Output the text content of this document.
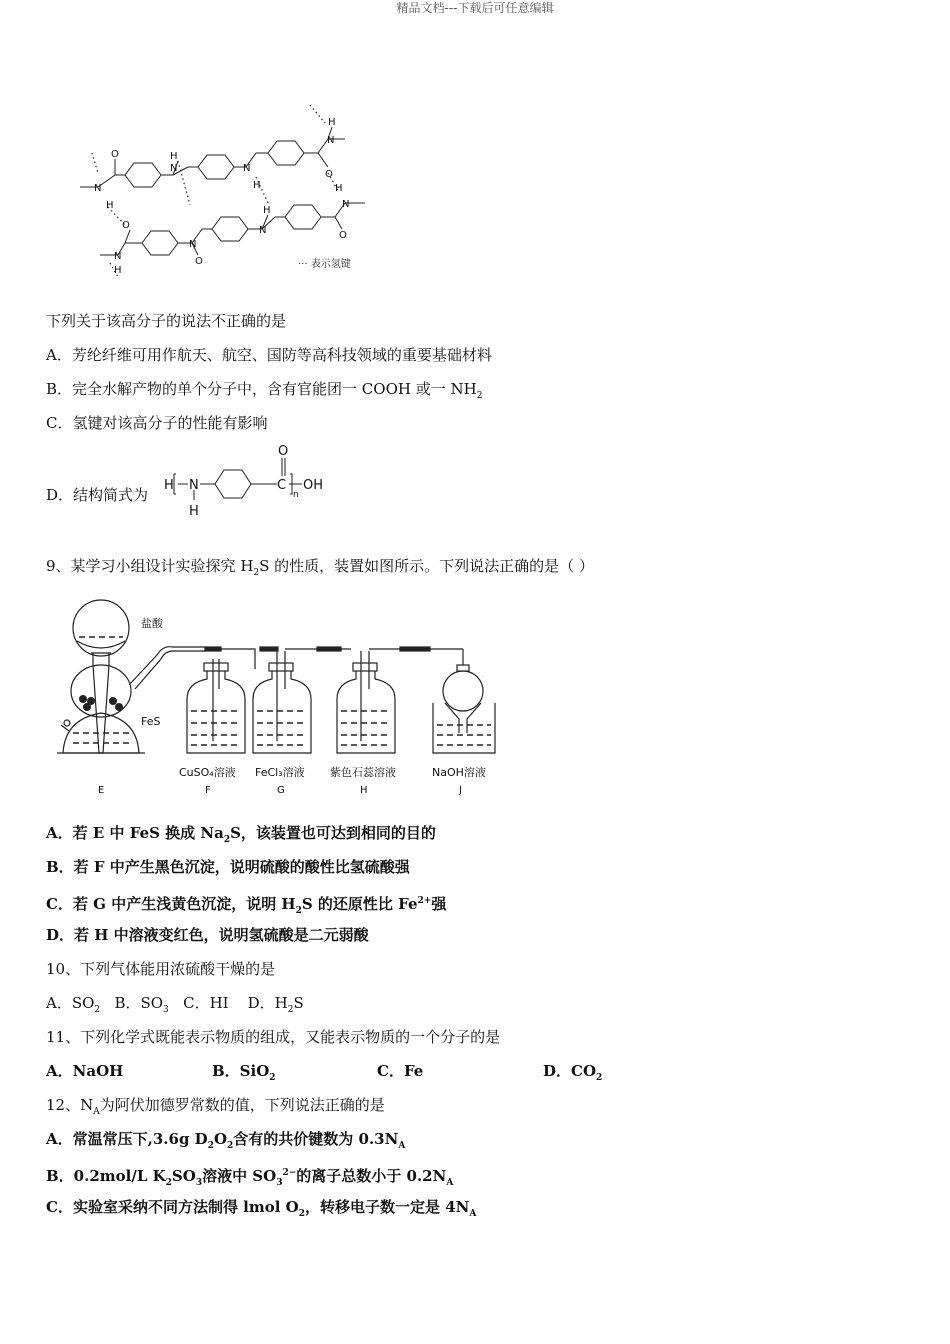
精品文档---下载后可任意编辑
N
H
O	H
N	N
H
O
H
N
H
N
O
H
N
N
O
O
N
H
··· 表示氢键
下列关于该高分子的说法不正确的是
A．芳纶纤维可用作航天、航空、国防等高科技领域的重要基础材料
B．完全水解产物的单个分子中，含有官能团一 COOH 或一 $NH_2$
C．氢键对该高分子的性能有影响
D．结构简式为
H N
H
O
C
n
OH
9、某学习小组设计实验探究 $H_2S$ 的性质，装置如图所示。下列说法正确的是（ ）
盐酸
FeS
CuSO₄溶液 FeCl₃溶液 紫色石蕊溶液	NaOH溶液
E	F	G	H	J
A．若 E 中 FeS 换成 $Na_2S$，该装置也可达到相同的目的
B．若 F 中产生黑色沉淀，说明硫酸的酸性比氢硫酸强
C．若 G 中产生浅黄色沉淀，说明 $H_2S$ 的还原性比 $Fe^{2+}$强
D．若 H 中溶液变红色，说明氢硫酸是二元弱酸
10、下列气体能用浓硫酸干燥的是
A．$SO_2$   B．$SO_3$   C．HI    D．$H_2S$
11、下列化学式既能表示物质的组成，又能表示物质的一个分子的是
A．NaOH	B．SiO$_2$	C．Fe	D．$CO_2$
12、$N_A$为阿伏加德罗常数的值，下列说法正确的是
A．常温常压下,3.6g $D_2O_2$含有的共价键数为 $0.3N_A$
B．0.2mol/L $K_2SO_3$溶液中 $SO_3^{2-}$的离子总数小于 $0.2N_A$
C．实验室采纳不同方法制得 lmol $O_2$，转移电子数一定是 $4N_A$
